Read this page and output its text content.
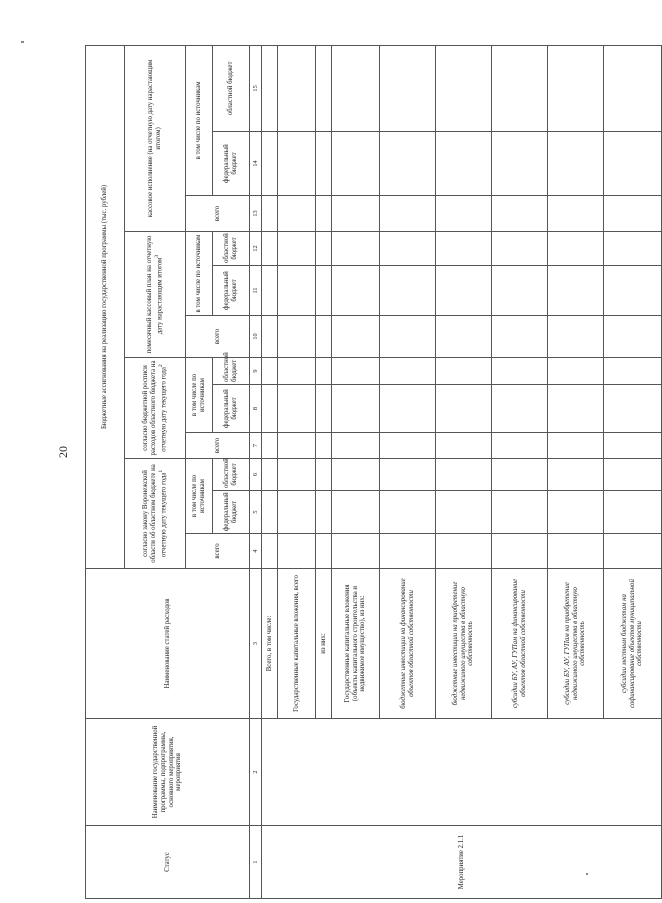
20
Статус	Наименование государственной программы, подпрограммы, основного мероприятия, мероприятия	Наименование статей расходов	Бюджетные ассигнования на реализацию государственной программы (тыс. рублей)											
			согласно закону Воронежской области об областном бюджете на отчетную дату текущего года$^1$			согласно бюджетной росписи расходов областного бюджета на отчетную дату текущего года$^2$			помесячный кассовый план на отчетную дату нарастающим итогом$^3$			кассовое исполнение (на отчетную дату нарастающим итогом)		
			всего	в том числе по источникам		всего	в том числе по источникам		всего	в том числе по источникам		всего	в том числе по источникам	
				федеральный бюджет	областной бюджет		федеральный бюджет	областной бюджет		федеральный бюджет	областной бюджет		федеральный бюджет	областной бюджет
1	2	3	4	5	6	7	8	9	10	11	12	13	14	15
Мероприятие 2.1.1		Всего, в том числе:												
		Государственные капитальные вложения, всего												
		из них:												
		Государственные капитальные вложения (объекты капитального строительства и недвижимое имущество), из них:												
		бюджетные инвестиции на финансирование объектов областной собственности												
		бюджетные инвестиции на приобретение недвижимого имущества в областную собственность												
		субсидии БУ, АУ, ГУПам на финансирование объектов областной собственности												
		субсидии БУ, АУ, ГУПам на приобретение недвижимого имущества в областную собственность												
		субсидии местным бюджетам на софинансирование объектов муниципальной собственности												
